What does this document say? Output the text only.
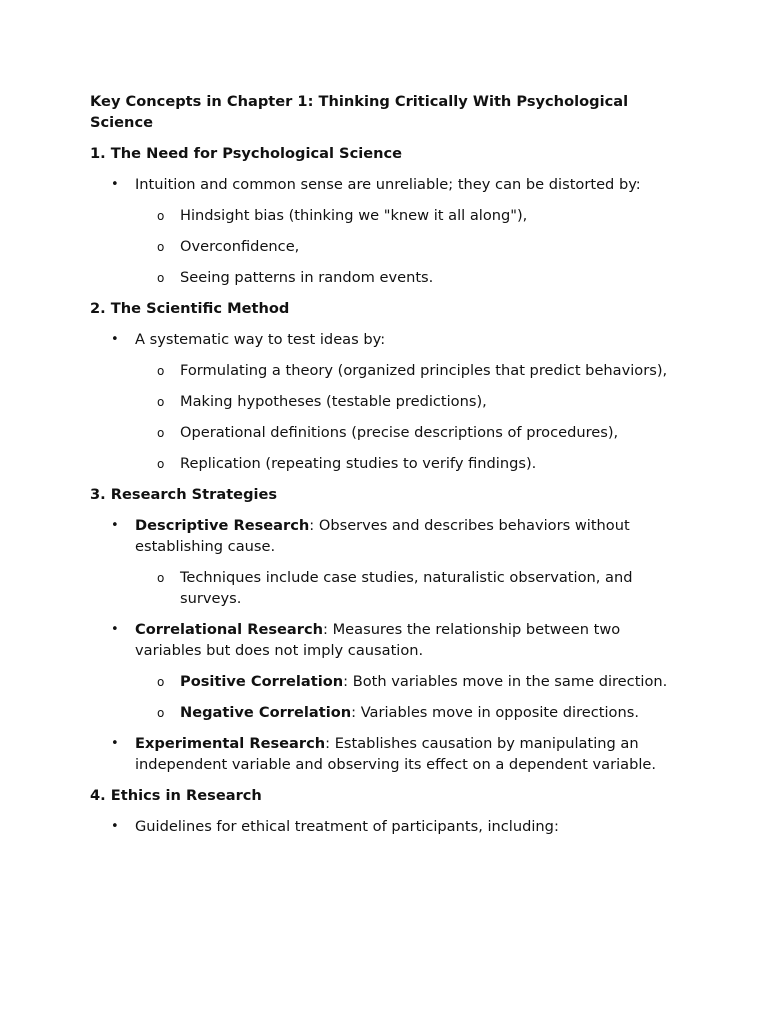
Key Concepts in Chapter 1: Thinking Critically With Psychological Science
1. The Need for Psychological Science
• Intuition and common sense are unreliable; they can be distorted by:
o Hindsight bias (thinking we "knew it all along"),
o Overconfidence,
o Seeing patterns in random events.
2. The Scientific Method
• A systematic way to test ideas by:
o Formulating a theory (organized principles that predict behaviors),
o Making hypotheses (testable predictions),
o Operational definitions (precise descriptions of procedures),
o Replication (repeating studies to verify findings).
3. Research Strategies
• Descriptive Research: Observes and describes behaviors without establishing cause.
o Techniques include case studies, naturalistic observation, and surveys.
• Correlational Research: Measures the relationship between two variables but does not imply causation.
o Positive Correlation: Both variables move in the same direction.
o Negative Correlation: Variables move in opposite directions.
• Experimental Research: Establishes causation by manipulating an independent variable and observing its effect on a dependent variable.
4. Ethics in Research
• Guidelines for ethical treatment of participants, including:
